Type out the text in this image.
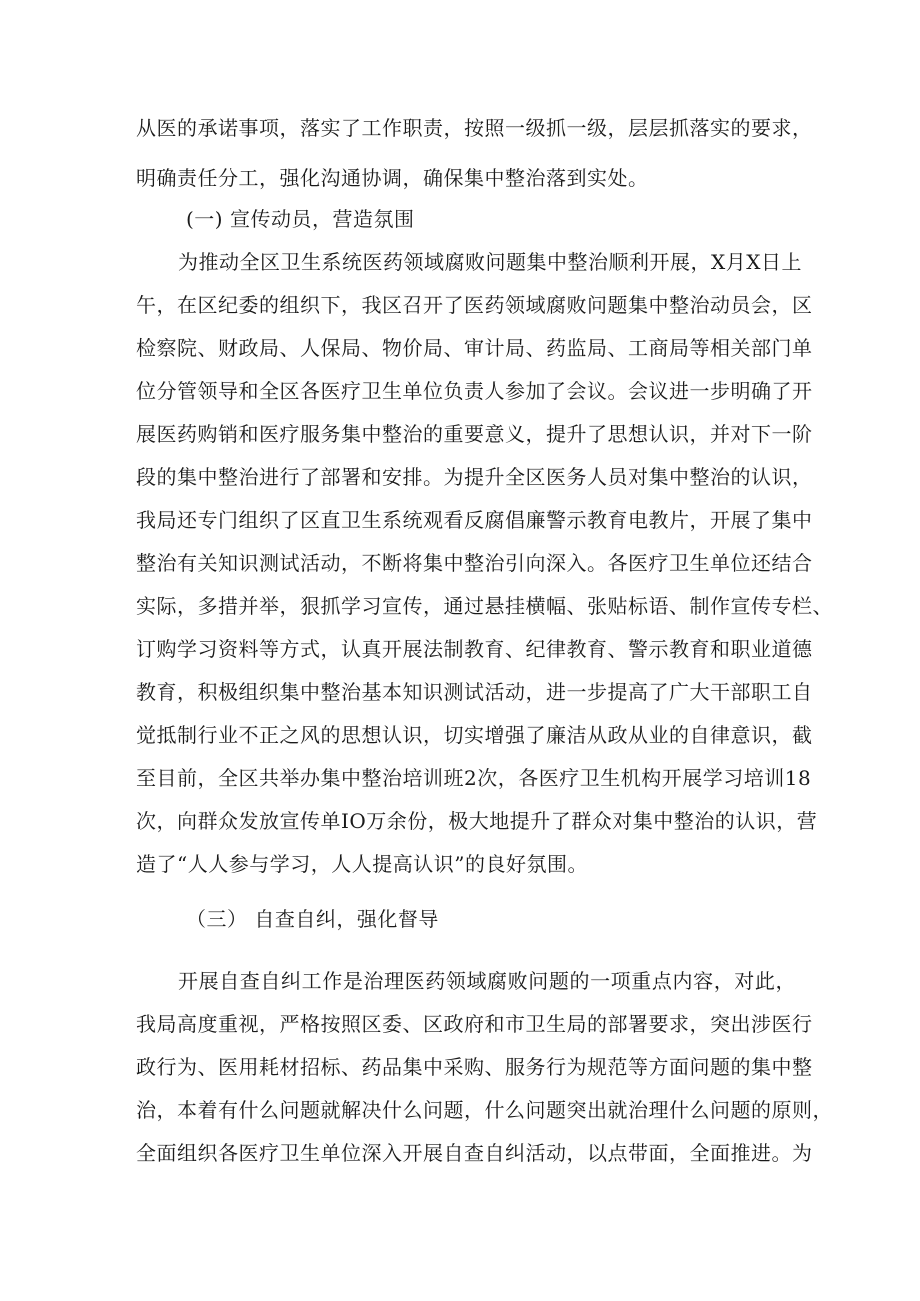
从医的承诺事项，落实了工作职责，按照一级抓一级，层层抓落实的要求，
明确责任分工，强化沟通协调，确保集中整治落到实处。
(一) 宣传动员，营造氛围
为推动全区卫生系统医药领域腐败问题集中整治顺利开展，X月X日上
午，在区纪委的组织下，我区召开了医药领域腐败问题集中整治动员会，区
检察院、财政局、人保局、物价局、审计局、药监局、工商局等相关部门单
位分管领导和全区各医疗卫生单位负责人参加了会议。会议进一步明确了开
展医药购销和医疗服务集中整治的重要意义，提升了思想认识，并对下一阶
段的集中整治进行了部署和安排。为提升全区医务人员对集中整治的认识，
我局还专门组织了区直卫生系统观看反腐倡廉警示教育电教片，开展了集中
整治有关知识测试活动，不断将集中整治引向深入。各医疗卫生单位还结合
实际，多措并举，狠抓学习宣传，通过悬挂横幅、张贴标语、制作宣传专栏、
订购学习资料等方式，认真开展法制教育、纪律教育、警示教育和职业道德
教育，积极组织集中整治基本知识测试活动，进一步提高了广大干部职工自
觉抵制行业不正之风的思想认识，切实增强了廉洁从政从业的自律意识，截
至目前，全区共举办集中整治培训班2次，各医疗卫生机构开展学习培训18
次，向群众发放宣传单IO万余份，极大地提升了群众对集中整治的认识，营
造了“人人参与学习，人人提高认识”的良好氛围。
（三） 自查自纠，强化督导
开展自查自纠工作是治理医药领域腐败问题的一项重点内容，对此，
我局高度重视，严格按照区委、区政府和市卫生局的部署要求，突出涉医行
政行为、医用耗材招标、药品集中采购、服务行为规范等方面问题的集中整
治，本着有什么问题就解决什么问题，什么问题突出就治理什么问题的原则，
全面组织各医疗卫生单位深入开展自查自纠活动，以点带面，全面推进。为
